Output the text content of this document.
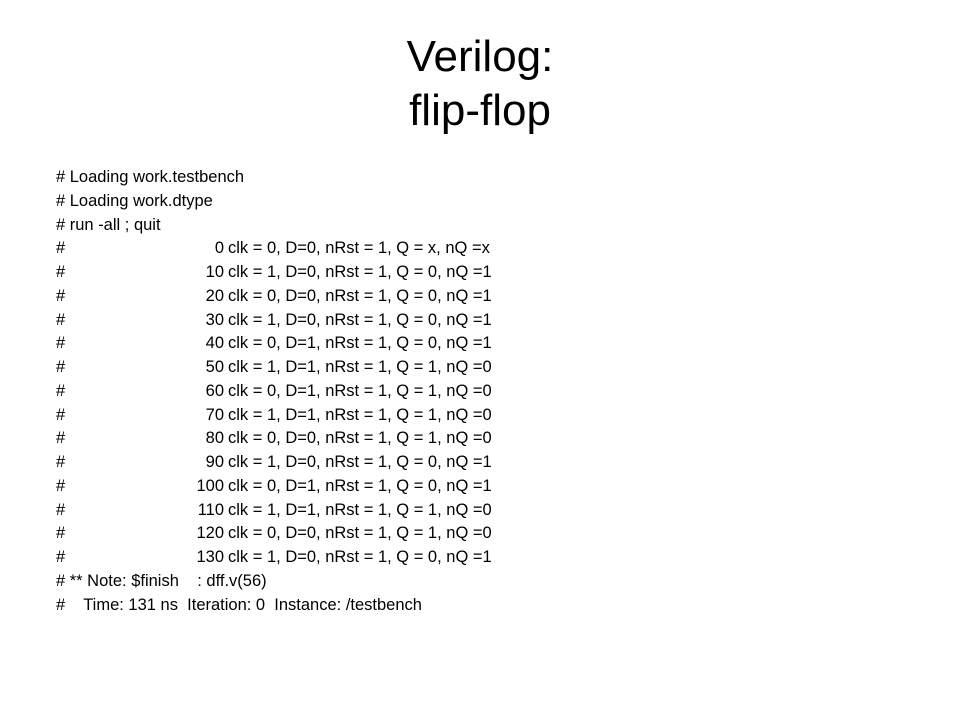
Verilog:
flip-flop
# Loading work.testbench
# Loading work.dtype
# run -all ; quit
#	0 clk = 0, D=0, nRst = 1, Q = x, nQ =x
#	10 clk = 1, D=0, nRst = 1, Q = 0, nQ =1
#	20 clk = 0, D=0, nRst = 1, Q = 0, nQ =1
#	30 clk = 1, D=0, nRst = 1, Q = 0, nQ =1
#	40 clk = 0, D=1, nRst = 1, Q = 0, nQ =1
#	50 clk = 1, D=1, nRst = 1, Q = 1, nQ =0
#	60 clk = 0, D=1, nRst = 1, Q = 1, nQ =0
#	70 clk = 1, D=1, nRst = 1, Q = 1, nQ =0
#	80 clk = 0, D=0, nRst = 1, Q = 1, nQ =0
#	90 clk = 1, D=0, nRst = 1, Q = 0, nQ =1
#	100 clk = 0, D=1, nRst = 1, Q = 0, nQ =1
#	110 clk = 1, D=1, nRst = 1, Q = 1, nQ =0
#	120 clk = 0, D=0, nRst = 1, Q = 1, nQ =0
#	130 clk = 1, D=0, nRst = 1, Q = 0, nQ =1
# ** Note: $finish    : dff.v(56)
#    Time: 131 ns  Iteration: 0  Instance: /testbench
